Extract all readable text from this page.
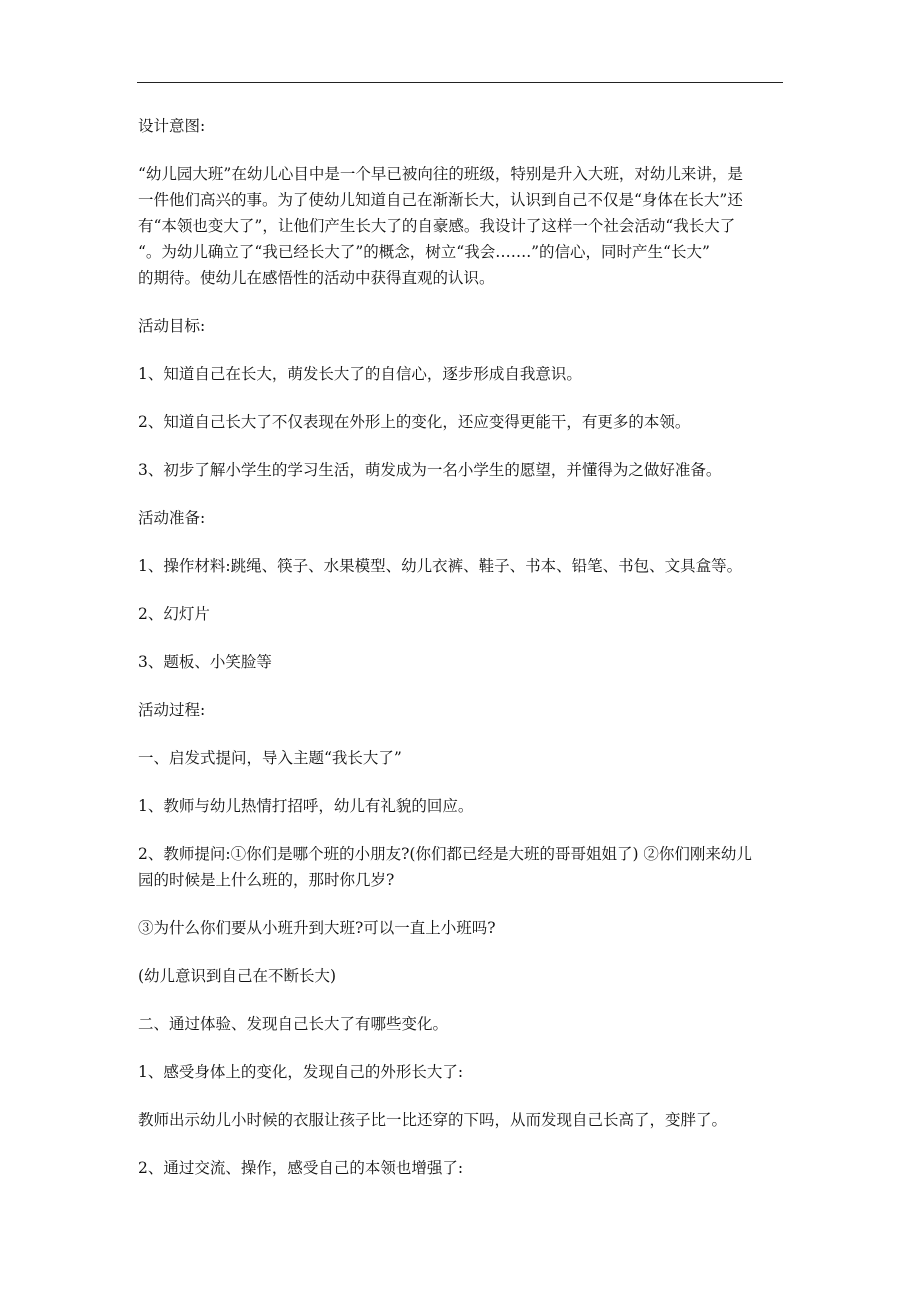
设计意图:

“幼儿园大班”在幼儿心目中是一个早已被向往的班级，特别是升入大班，对幼儿来讲，是

一件他们高兴的事。为了使幼儿知道自己在渐渐长大，认识到自己不仅是“身体在长大”还

有“本领也变大了”，让他们产生长大了的自豪感。我设计了这样一个社会活动“我长大了

“。为幼儿确立了“我已经长大了”的概念，树立“我会…….”的信心，同时产生“长大”

的期待。使幼儿在感悟性的活动中获得直观的认识。

活动目标:

1、知道自己在长大，萌发长大了的自信心，逐步形成自我意识。

2、知道自己长大了不仅表现在外形上的变化，还应变得更能干，有更多的本领。

3、初步了解小学生的学习生活，萌发成为一名小学生的愿望，并懂得为之做好准备。

活动准备:

1、操作材料:跳绳、筷子、水果模型、幼儿衣裤、鞋子、书本、铅笔、书包、文具盒等。

2、幻灯片

3、题板、小笑脸等

活动过程:

一、启发式提问，导入主题“我长大了”

1、教师与幼儿热情打招呼，幼儿有礼貌的回应。

2、教师提问:①你们是哪个班的小朋友?(你们都已经是大班的哥哥姐姐了) ②你们刚来幼儿

园的时候是上什么班的，那时你几岁?

③为什么你们要从小班升到大班?可以一直上小班吗?

(幼儿意识到自己在不断长大)

二、通过体验、发现自己长大了有哪些变化。

1、感受身体上的变化，发现自己的外形长大了:

教师出示幼儿小时候的衣服让孩子比一比还穿的下吗，从而发现自己长高了，变胖了。

2、通过交流、操作，感受自己的本领也增强了:
